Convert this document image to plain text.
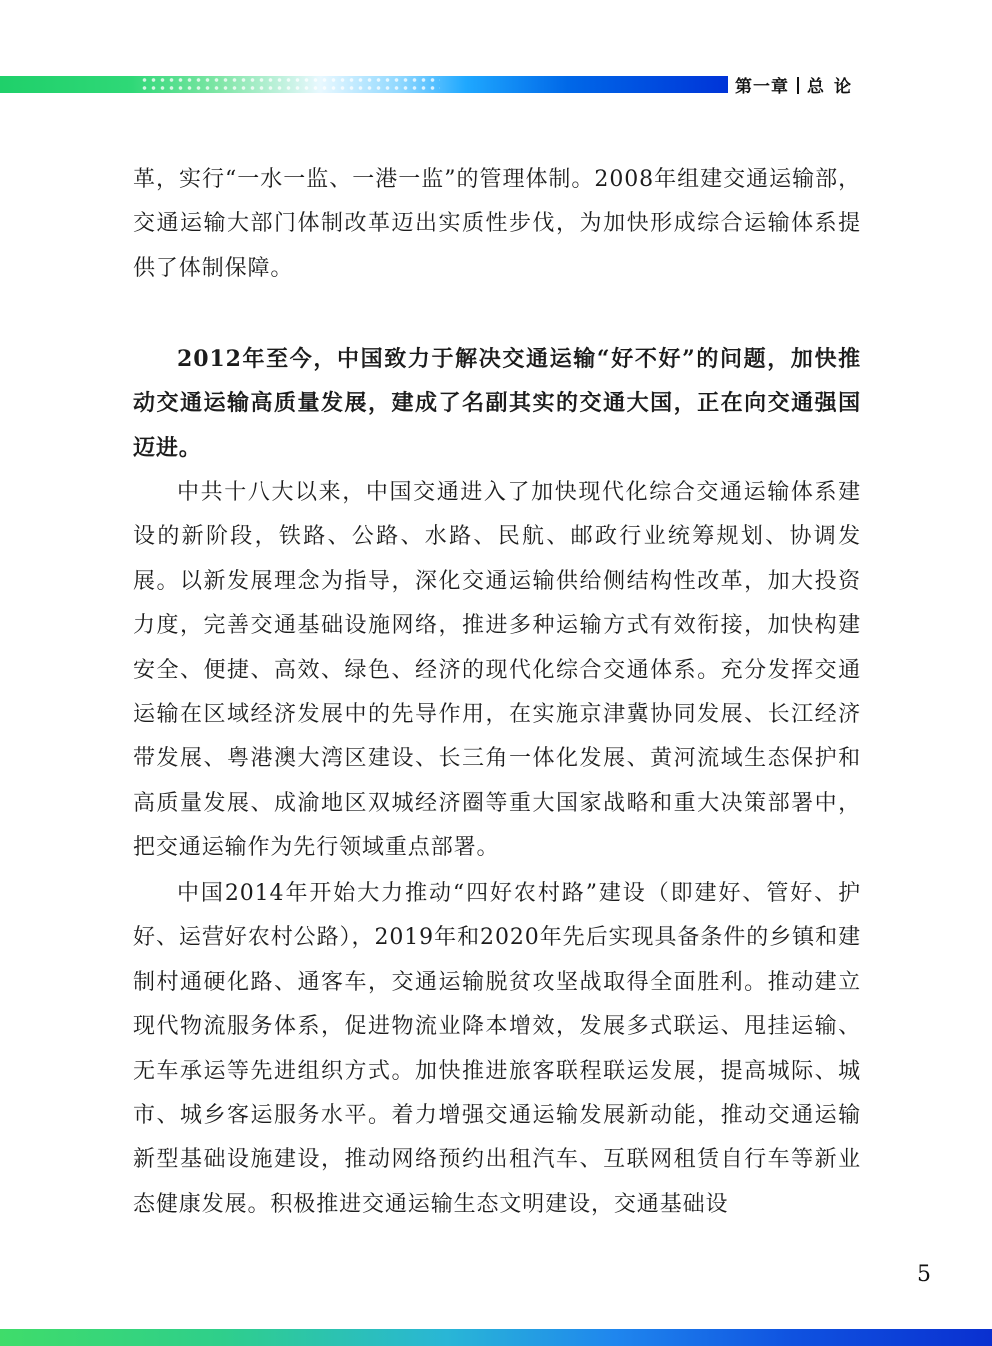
第一章 总论

革，实行“一水一监、一港一监”的管理体制。2008年组建交通运输部，交通运输大部门体制改革迈出实质性步伐，为加快形成综合运输体系提供了体制保障。

2012年至今，中国致力于解决交通运输“好不好”的问题，加快推动交通运输高质量发展，建成了名副其实的交通大国，正在向交通强国迈进。

中共十八大以来，中国交通进入了加快现代化综合交通运输体系建设的新阶段，铁路、公路、水路、民航、邮政行业统筹规划、协调发展。以新发展理念为指导，深化交通运输供给侧结构性改革，加大投资力度，完善交通基础设施网络，推进多种运输方式有效衔接，加快构建安全、便捷、高效、绿色、经济的现代化综合交通体系。充分发挥交通运输在区域经济发展中的先导作用，在实施京津冀协同发展、长江经济带发展、粤港澳大湾区建设、长三角一体化发展、黄河流域生态保护和高质量发展、成渝地区双城经济圈等重大国家战略和重大决策部署中，把交通运输作为先行领域重点部署。

中国2014年开始大力推动“四好农村路”建设（即建好、管好、护好、运营好农村公路），2019年和2020年先后实现具备条件的乡镇和建制村通硬化路、通客车，交通运输脱贫攻坚战取得全面胜利。推动建立现代物流服务体系，促进物流业降本增效，发展多式联运、甩挂运输、无车承运等先进组织方式。加快推进旅客联程联运发展，提高城际、城市、城乡客运服务水平。着力增强交通运输发展新动能，推动交通运输新型基础设施建设，推动网络预约出租汽车、互联网租赁自行车等新业态健康发展。积极推进交通运输生态文明建设，交通基础设

5
